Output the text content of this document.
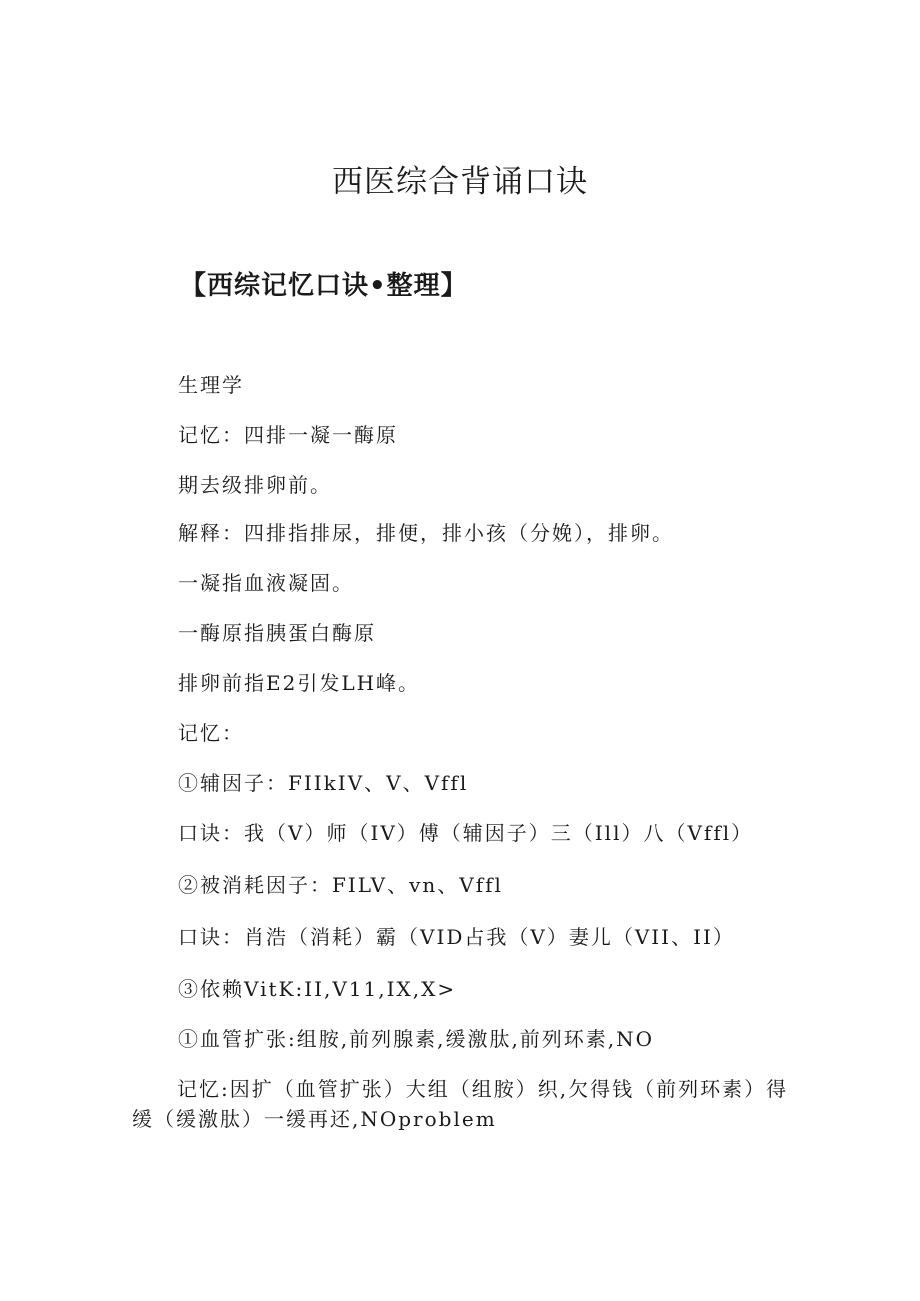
西医综合背诵口诀
【西综记忆口诀•整理】
生理学
记忆：四排一凝一酶原
期去级排卵前。
解释：四排指排尿，排便，排小孩（分娩），排卵。
一凝指血液凝固。
一酶原指胰蛋白酶原
排卵前指E2引发LH峰。
记忆：
①辅因子：FIIkIV、V、Vffl
口诀：我（V）师（IV）傅（辅因子）三（Ill）八（Vffl）
②被消耗因子：FILV、vn、Vffl
口诀：肖浩（消耗）霸（VID占我（V）妻儿（VII、II）
③依赖VitK:II,V11,IX,X>
①血管扩张:组胺,前列腺素,缓激肽,前列环素,NO
记忆:因扩（血管扩张）大组（组胺）织,欠得钱（前列环素）得缓（缓激肽）一缓再还,NOproblem
